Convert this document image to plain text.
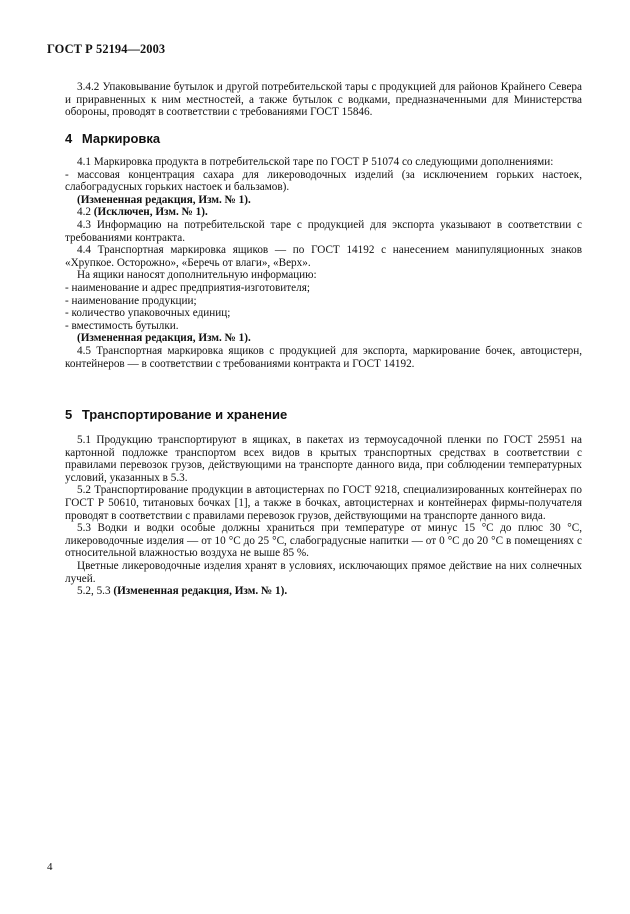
ГОСТ Р 52194—2003

3.4.2 Упаковывание бутылок и другой потребительской тары с продукцией для районов Крайнего Севера и приравненных к ним местностей, а также бутылок с водками, предназначенными для Министерства обороны, проводят в соответствии с требованиями ГОСТ 15846.

4 Маркировка

4.1 Маркировка продукта в потребительской таре по ГОСТ Р 51074 со следующими дополнениями:

- массовая концентрация сахара для ликероводочных изделий (за исключением горьких настоек, слабоградусных горьких настоек и бальзамов).

(Измененная редакция, Изм. № 1).

4.2 (Исключен, Изм. № 1).

4.3 Информацию на потребительской таре с продукцией для экспорта указывают в соответствии с требованиями контракта.

4.4 Транспортная маркировка ящиков — по ГОСТ 14192 с нанесением манипуляционных знаков «Хрупкое. Осторожно», «Беречь от влаги», «Верх».

На ящики наносят дополнительную информацию:

- наименование и адрес предприятия-изготовителя;

- наименование продукции;

- количество упаковочных единиц;

- вместимость бутылки.

(Измененная редакция, Изм. № 1).

4.5 Транспортная маркировка ящиков с продукцией для экспорта, маркирование бочек, автоцистерн, контейнеров — в соответствии с требованиями контракта и ГОСТ 14192.

5 Транспортирование и хранение

5.1 Продукцию транспортируют в ящиках, в пакетах из термоусадочной пленки по ГОСТ 25951 на картонной подложке транспортом всех видов в крытых транспортных средствах в соответствии с правилами перевозок грузов, действующими на транспорте данного вида, при соблюдении температурных условий, указанных в 5.3.

5.2 Транспортирование продукции в автоцистернах по ГОСТ 9218, специализированных контейнерах по ГОСТ Р 50610, титановых бочках [1], а также в бочках, автоцистернах и контейнерах фирмы-получателя проводят в соответствии с правилами перевозок грузов, действующими на транспорте данного вида.

5.3 Водки и водки особые должны храниться при температуре от минус 15 °С до плюс 30 °С, ликероводочные изделия — от 10 °С до 25 °С, слабоградусные напитки — от 0 °С до 20 °С в помещениях с относительной влажностью воздуха не выше 85 %.

Цветные ликероводочные изделия хранят в условиях, исключающих прямое действие на них солнечных лучей.

5.2, 5.3 (Измененная редакция, Изм. № 1).

4
